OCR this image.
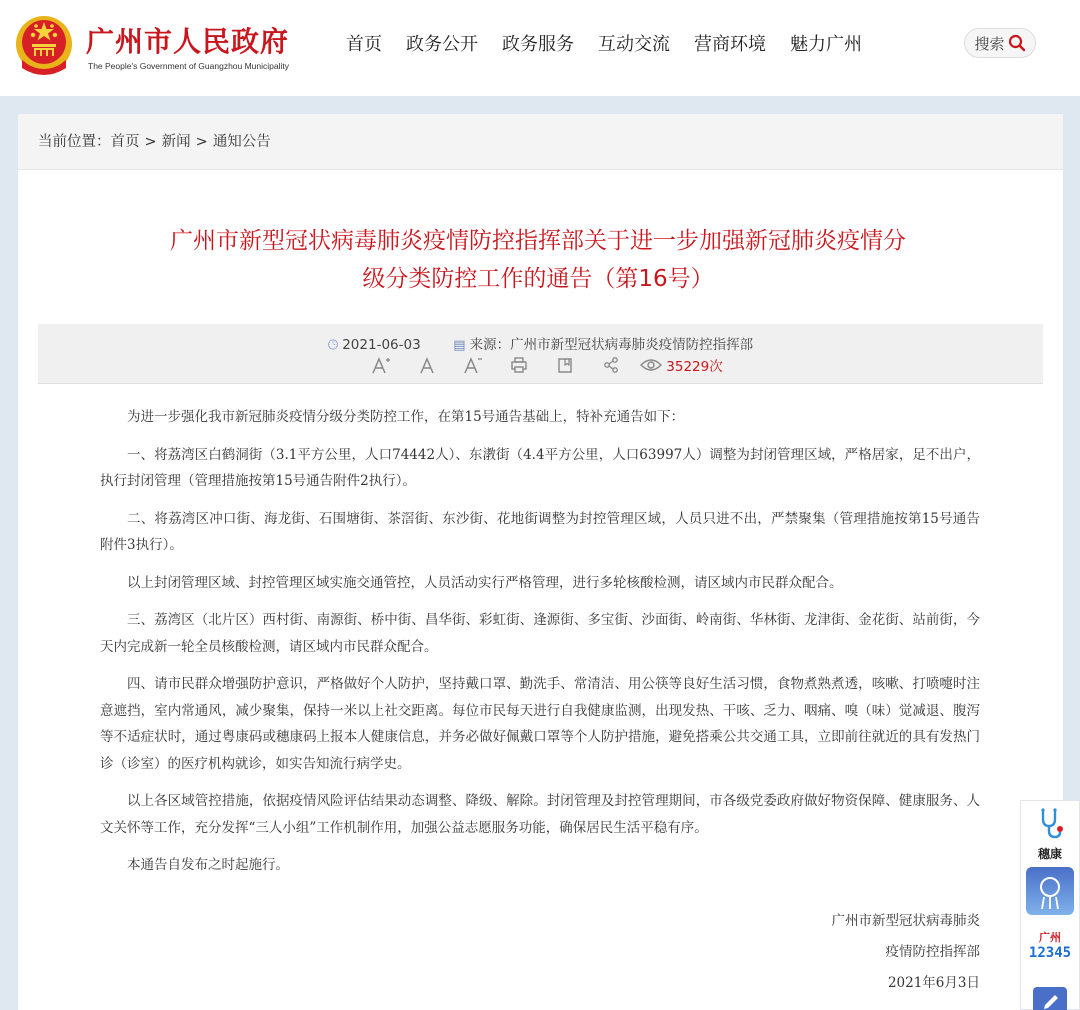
广州市人民政府
The People's Government of Guangzhou Municipality
首页 政务公开 政务服务 互动交流 营商环境 魅力广州	搜索
当前位置：首页 > 新闻 > 通知公告
广州市新型冠状病毒肺炎疫情防控指挥部关于进一步加强新冠肺炎疫情分
级分类防控工作的通告（第16号）
🕒︎ 2021-06-03	▤ 来源：广州市新型冠状病毒肺炎疫情防控指挥部
35229次

为进一步强化我市新冠肺炎疫情分级分类防控工作，在第15号通告基础上，特补充通告如下：

一、将荔湾区白鹤洞街（3.1平方公里，人口74442人）、东漖街（4.4平方公里，人口63997人）调整为封闭管理区域，严格居家，足不出户，执行封闭管理（管理措施按第15号通告附件2执行）。

二、将荔湾区冲口街、海龙街、石围塘街、茶滘街、东沙街、花地街调整为封控管理区域，人员只进不出，严禁聚集（管理措施按第15号通告附件3执行）。

以上封闭管理区域、封控管理区域实施交通管控，人员活动实行严格管理，进行多轮核酸检测，请区域内市民群众配合。

三、荔湾区（北片区）西村街、南源街、桥中街、昌华街、彩虹街、逢源街、多宝街、沙面街、岭南街、华林街、龙津街、金花街、站前街，今天内完成新一轮全员核酸检测，请区域内市民群众配合。

四、请市民群众增强防护意识，严格做好个人防护，坚持戴口罩、勤洗手、常清洁、用公筷等良好生活习惯，食物煮熟煮透，咳嗽、打喷嚏时注意遮挡，室内常通风，减少聚集，保持一米以上社交距离。每位市民每天进行自我健康监测，出现发热、干咳、乏力、咽痛、嗅（味）觉减退、腹泻等不适症状时，通过粤康码或穗康码上报本人健康信息，并务必做好佩戴口罩等个人防护措施，避免搭乘公共交通工具，立即前往就近的具有发热门诊（诊室）的医疗机构就诊，如实告知流行病学史。

以上各区域管控措施，依据疫情风险评估结果动态调整、降级、解除。封闭管理及封控管理期间，市各级党委政府做好物资保障、健康服务、人文关怀等工作，充分发挥“三人小组”工作机制作用，加强公益志愿服务功能，确保居民生活平稳有序。

本通告自发布之时起施行。

广州市新型冠状病毒肺炎
疫情防控指挥部
2021年6月3日
穗康
广州
12345
